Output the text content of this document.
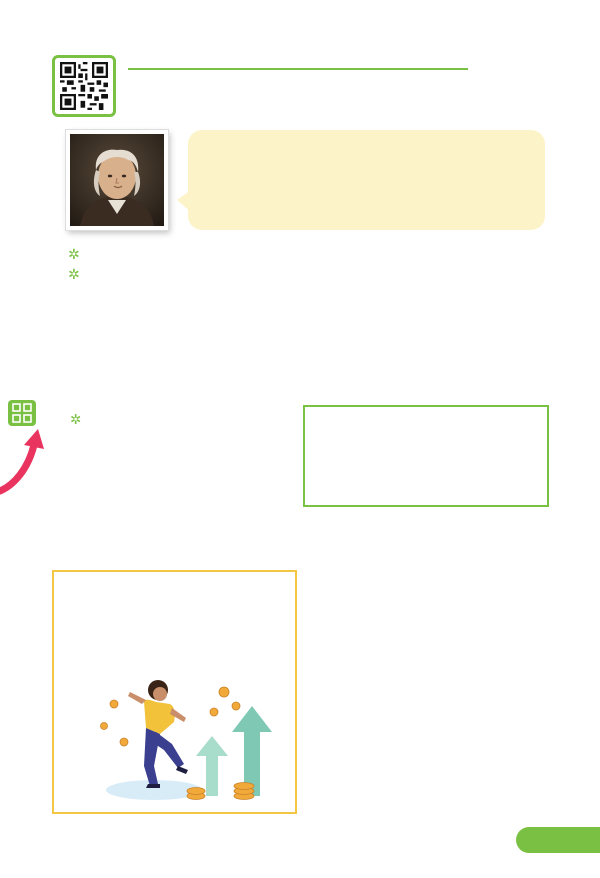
✲
✲
✲
